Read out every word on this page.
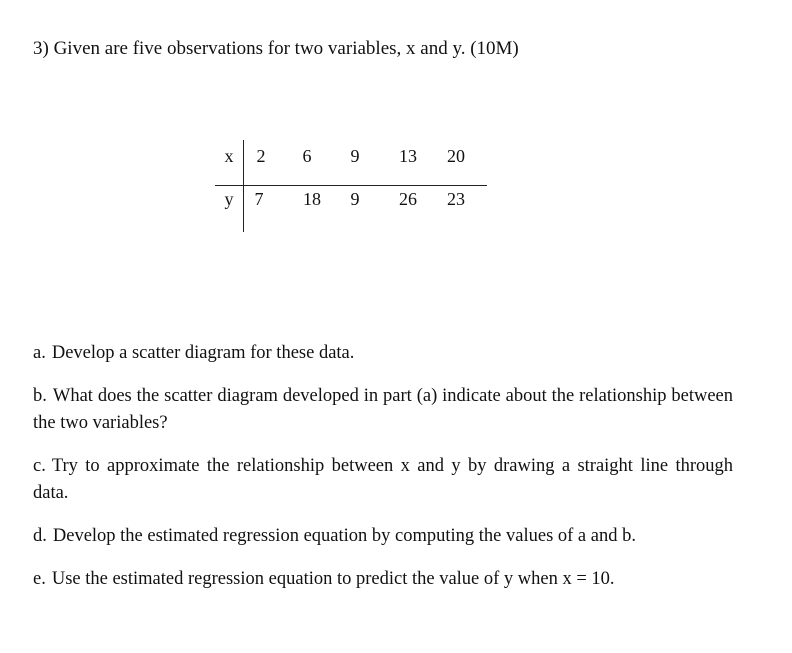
3) Given are five observations for two variables, x and y. (10M)
x 2 6 9 13 20
y 7 18 9 26 23
a. Develop a scatter diagram for these data.
b. What does the scatter diagram developed in part (a) indicate about the relationship between the two variables?
c. Try to approximate the relationship between x and y by drawing a straight line through data.
d. Develop the estimated regression equation by computing the values of a and b.
e. Use the estimated regression equation to predict the value of y when x = 10.
